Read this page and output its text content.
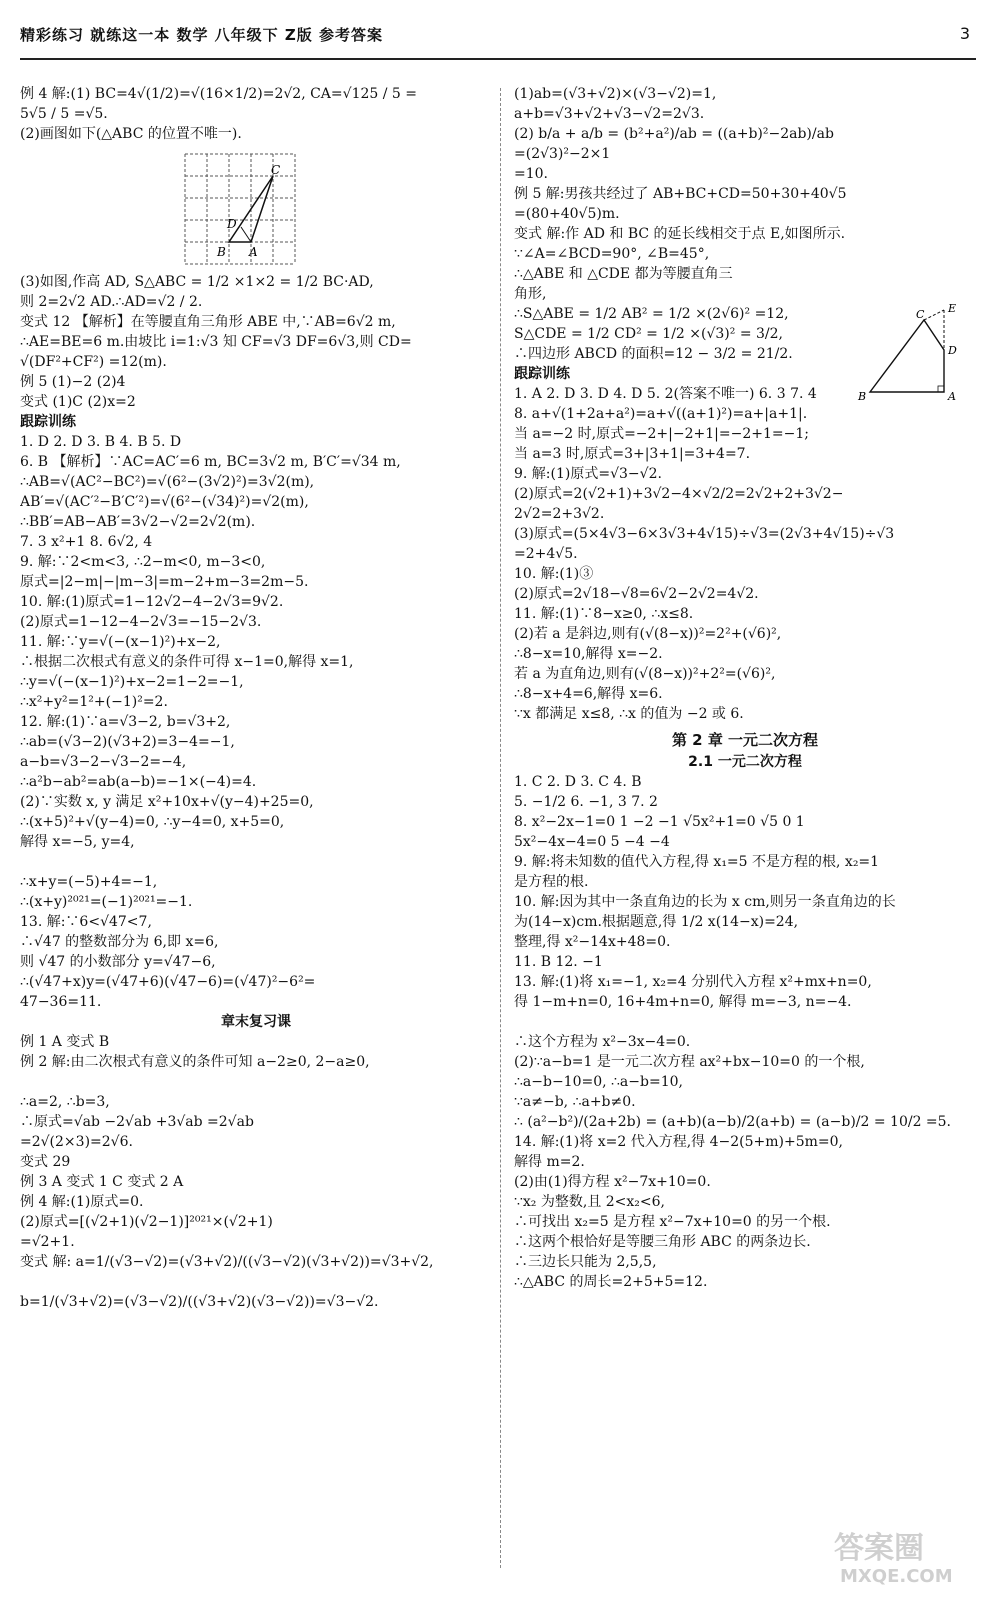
精彩练习 就练这一本 数学 八年级下 Z版 参考答案	3
例 4 解:(1) BC=4√(1/2)=√(16×1/2)=2√2, CA=√125 / 5 =
5√5 / 5 =√5.
(2)画图如下(△ABC 的位置不唯一).
C
D
B A
(3)如图,作高 AD, S△ABC = 1/2 ×1×2 = 1/2 BC·AD,
则 2=2√2 AD.∴AD=√2 / 2.
变式 12 【解析】在等腰直角三角形 ABE 中,∵AB=6√2 m,
∴AE=BE=6 m.由坡比 i=1:√3 知 CF=√3 DF=6√3,则 CD=
√(DF²+CF²) =12(m).
例 5 (1)−2 (2)4
变式 (1)C (2)x=2
跟踪训练
1. D 2. D 3. B 4. B 5. D
6. B 【解析】∵AC=AC′=6 m, BC=3√2 m, B′C′=√34 m,
∴AB=√(AC²−BC²)=√(6²−(3√2)²)=3√2(m),
AB′=√(AC′²−B′C′²)=√(6²−(√34)²)=√2(m),
∴BB′=AB−AB′=3√2−√2=2√2(m).
7. 3 x²+1 8. 6√2, 4
9. 解:∵2<m<3, ∴2−m<0, m−3<0,
原式=|2−m|−|m−3|=m−2+m−3=2m−5.
10. 解:(1)原式=1−12√2−4−2√3=9√2.
(2)原式=1−12−4−2√3=−15−2√3.
11. 解:∵y=√(−(x−1)²)+x−2,
∴根据二次根式有意义的条件可得 x−1=0,解得 x=1,
∴y=√(−(x−1)²)+x−2=1−2=−1,
∴x²+y²=1²+(−1)²=2.
12. 解:(1)∵a=√3−2, b=√3+2,
∴ab=(√3−2)(√3+2)=3−4=−1,
a−b=√3−2−√3−2=−4,
∴a²b−ab²=ab(a−b)=−1×(−4)=4.
(2)∵实数 x, y 满足 x²+10x+√(y−4)+25=0,
∴(x+5)²+√(y−4)=0, ∴y−4=0, x+5=0,
解得 x=−5, y=4,
∴x+y=(−5)+4=−1,
∴(x+y)²⁰²¹=(−1)²⁰²¹=−1.
13. 解:∵6<√47<7,
∴√47 的整数部分为 6,即 x=6,
则 √47 的小数部分 y=√47−6,
∴(√47+x)y=(√47+6)(√47−6)=(√47)²−6²=
47−36=11.
章末复习课
例 1 A 变式 B
例 2 解:由二次根式有意义的条件可知 a−2≥0, 2−a≥0,
∴a=2, ∴b=3,
∴原式=√ab −2√ab +3√ab =2√ab
=2√(2×3)=2√6.
变式 29
例 3 A 变式 1 C 变式 2 A
例 4 解:(1)原式=0.
(2)原式=[(√2+1)(√2−1)]²⁰²¹×(√2+1)
=√2+1.
变式 解: a=1/(√3−√2)=(√3+√2)/((√3−√2)(√3+√2))=√3+√2,
b=1/(√3+√2)=(√3−√2)/((√3+√2)(√3−√2))=√3−√2.
(1)ab=(√3+√2)×(√3−√2)=1,
a+b=√3+√2+√3−√2=2√3.
(2) b/a + a/b = (b²+a²)/ab = ((a+b)²−2ab)/ab
=(2√3)²−2×1
=10.
例 5 解:男孩共经过了 AB+BC+CD=50+30+40√5
=(80+40√5)m.
变式 解:作 AD 和 BC 的延长线相交于点 E,如图所示.
∵∠A=∠BCD=90°, ∠B=45°,
∴△ABE 和 △CDE 都为等腰直角三
角形,
∴S△ABE = 1/2 AB² = 1/2 ×(2√6)² =12,
S△CDE = 1/2 CD² = 1/2 ×(√3)² = 3/2,
∴四边形 ABCD 的面积=12 − 3/2 = 21/2.
跟踪训练
1. A 2. D 3. D 4. D 5. 2(答案不唯一) 6. 3 7. 4
8. a+√(1+2a+a²)=a+√((a+1)²)=a+|a+1|.
当 a=−2 时,原式=−2+|−2+1|=−2+1=−1;
当 a=3 时,原式=3+|3+1|=3+4=7.
9. 解:(1)原式=√3−√2.
(2)原式=2(√2+1)+3√2−4×√2/2=2√2+2+3√2−
2√2=2+3√2.
(3)原式=(5×4√3−6×3√3+4√15)÷√3=(2√3+4√15)÷√3
=2+4√5.
10. 解:(1)③
(2)原式=2√18−√8=6√2−2√2=4√2.
11. 解:(1)∵8−x≥0, ∴x≤8.
(2)若 a 是斜边,则有(√(8−x))²=2²+(√6)²,
∴8−x=10,解得 x=−2.
若 a 为直角边,则有(√(8−x))²+2²=(√6)²,
∴8−x+4=6,解得 x=6.
∵x 都满足 x≤8, ∴x 的值为 −2 或 6.
第 2 章 一元二次方程
2.1 一元二次方程
1. C 2. D 3. C 4. B
5. −1/2 6. −1, 3 7. 2
8. x²−2x−1=0 1 −2 −1 √5x²+1=0 √5 0 1
5x²−4x−4=0 5 −4 −4
9. 解:将未知数的值代入方程,得 x₁=5 不是方程的根, x₂=1
是方程的根.
10. 解:因为其中一条直角边的长为 x cm,则另一条直角边的长
为(14−x)cm.根据题意,得 1/2 x(14−x)=24,
整理,得 x²−14x+48=0.
11. B 12. −1
13. 解:(1)将 x₁=−1, x₂=4 分别代入方程 x²+mx+n=0,
得 1−m+n=0, 16+4m+n=0, 解得 m=−3, n=−4.
∴这个方程为 x²−3x−4=0.
(2)∵a−b=1 是一元二次方程 ax²+bx−10=0 的一个根,
∴a−b−10=0, ∴a−b=10,
∵a≠−b, ∴a+b≠0.
∴ (a²−b²)/(2a+2b) = (a+b)(a−b)/2(a+b) = (a−b)/2 = 10/2 =5.
14. 解:(1)将 x=2 代入方程,得 4−2(5+m)+5m=0,
解得 m=2.
(2)由(1)得方程 x²−7x+10=0.
∵x₂ 为整数,且 2<x₂<6,
∴可找出 x₂=5 是方程 x²−7x+10=0 的另一个根.
∴这两个根恰好是等腰三角形 ABC 的两条边长.
∴三边长只能为 2,5,5,
∴△ABC 的周长=2+5+5=12.
C E
D
B	A
答案圈
MXQE.COM
